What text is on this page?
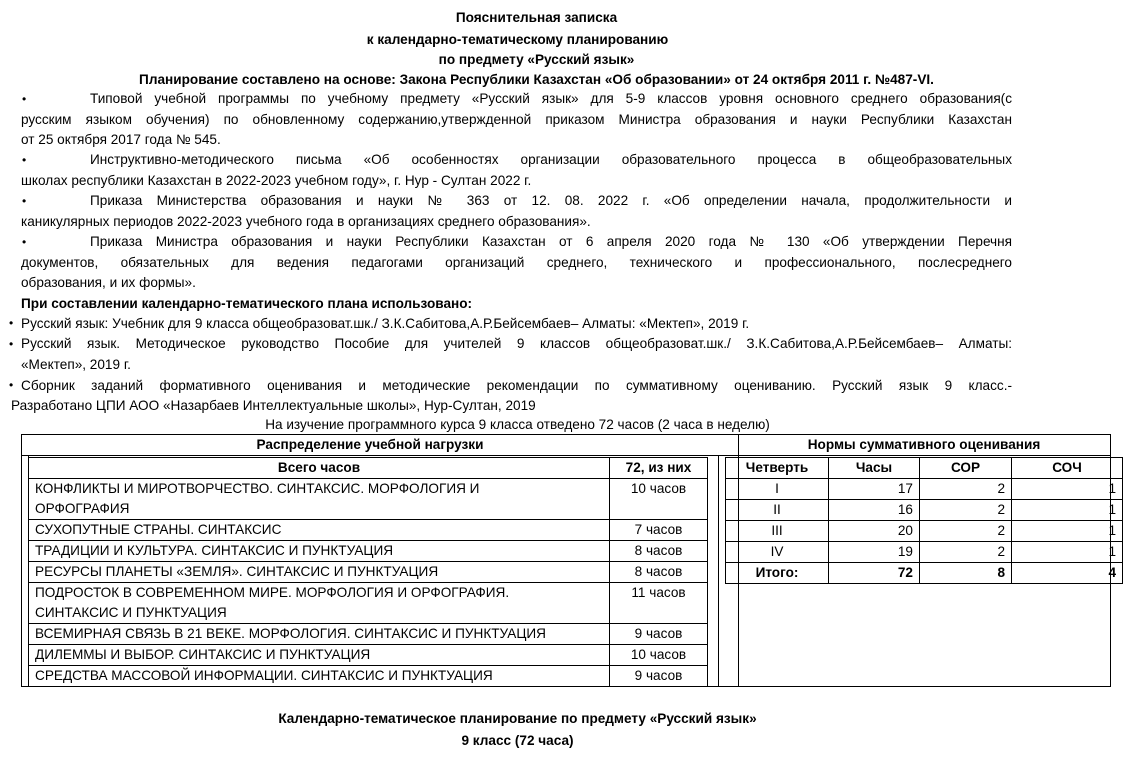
Пояснительная записка
к календарно-тематическому планированию
по предмету «Русский язык»
Планирование составлено на основе: Закона Республики Казахстан «Об образовании» от 24 октября 2011 г. №487-VI.
•	Типовой учебной программы по учебному предмету «Русский язык» для 5-9 классов уровня основного среднего образования(с
русским языком обучения) по обновленному содержанию,утвержденной приказом Министра образования и науки Республики Казахстан
от 25 октября 2017 года № 545.
•	Инструктивно-методического письма «Об особенностях организации образовательного процесса в общеобразовательных
школах республики Казахстан в 2022-2023 учебном году», г. Нур - Султан 2022 г.
•	Приказа Министерства образования и науки № 363 от 12. 08. 2022 г. «Об определении начала, продолжительности и
каникулярных периодов 2022-2023 учебного года в организациях среднего образования».
•	Приказа Министра образования и науки Республики Казахстан от 6 апреля 2020 года № 130 «Об утверждении Перечня
документов, обязательных для ведения педагогами организаций среднего, технического и профессионального, послесреднего
образования, и их формы».
При составлении календарно-тематического плана использовано:
• Русский язык: Учебник для 9 класса общеобразоват.шк./ З.К.Сабитова,А.Р.Бейсембаев– Алматы: «Мектеп», 2019 г.
• Русский язык. Методическое руководство Пособие для учителей 9 классов общеобразоват.шк./ З.К.Сабитова,А.Р.Бейсембаев– Алматы:
«Мектеп», 2019 г.
• Сборник заданий формативного оценивания и методические рекомендации по суммативному оцениванию. Русский язык 9 класс.-
Разработано ЦПИ АОО «Назарбаев Интеллектуальные школы», Нур-Султан, 2019
На изучение программного курса 9 класса отведено 72 часов (2 часа в неделю)
Распределение учебной нагрузки	Нормы суммативного оценивания
Всего часов	72, из них

КОНФЛИКТЫ И МИРОТВОРЧЕСТВО. СИНТАКСИС. МОРФОЛОГИЯ И ОРФОГРАФИЯ	10 часов
СУХОПУТНЫЕ СТРАНЫ. СИНТАКСИС	7 часов
ТРАДИЦИИ И КУЛЬТУРА. СИНТАКСИС И ПУНКТУАЦИЯ	8 часов
РЕСУРСЫ ПЛАНЕТЫ «ЗЕМЛЯ». СИНТАКСИС И ПУНКТУАЦИЯ	8 часов

ПОДРОСТОК В СОВРЕМЕННОМ МИРЕ. МОРФОЛОГИЯ И ОРФОГРАФИЯ. СИНТАКСИС И ПУНКТУАЦИЯ	11 часов
ВСЕМИРНАЯ СВЯЗЬ В 21 ВЕКЕ. МОРФОЛОГИЯ. СИНТАКСИС И ПУНКТУАЦИЯ	9 часов
ДИЛЕММЫ И ВЫБОР. СИНТАКСИС И ПУНКТУАЦИЯ	10 часов
СРЕДСТВА МАССОВОЙ ИНФОРМАЦИИ. СИНТАКСИС И ПУНКТУАЦИЯ	9 часов
Четверть	Часы	СОР	СОЧ
I	17	2	1
II	16	2	1
III	20	2	1
IV	19	2	1
Итого:	72	8	4
Календарно-тематическое планирование по предмету «Русский язык»
9 класс (72 часа)
